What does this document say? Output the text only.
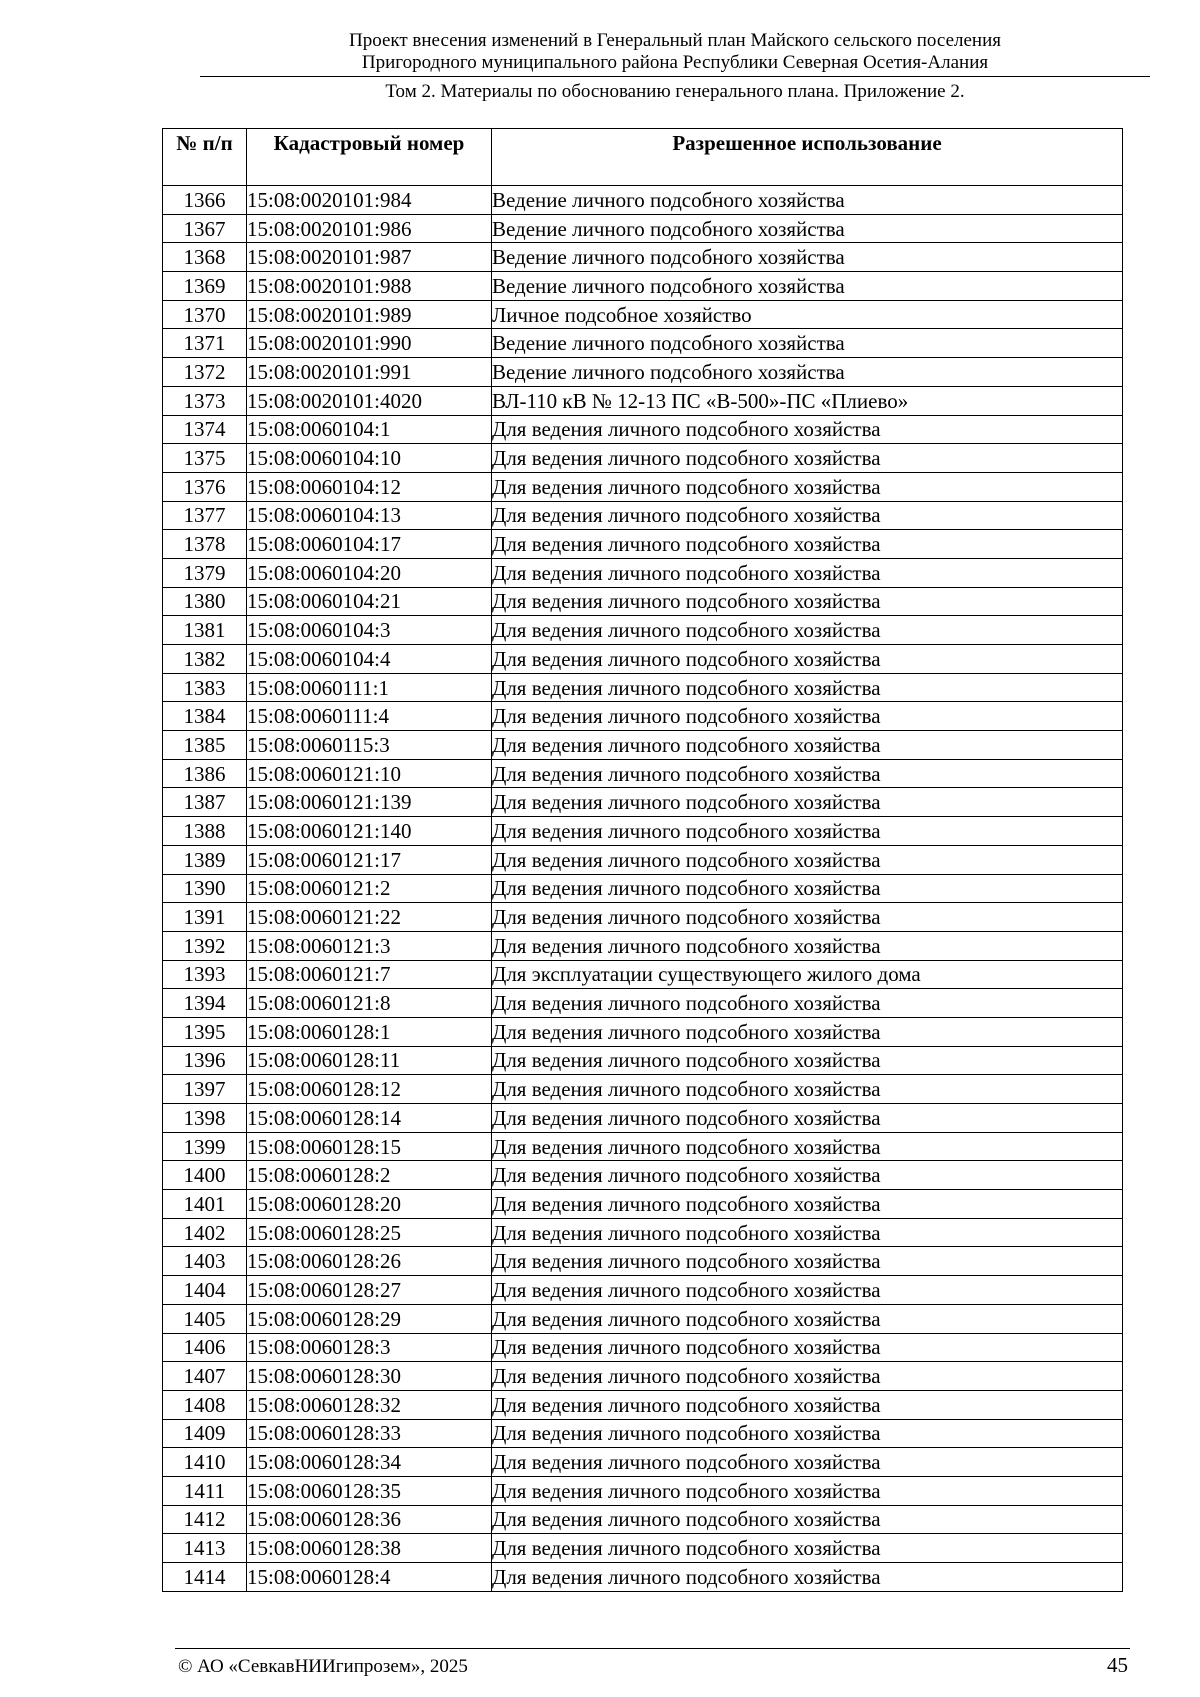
Проект внесения изменений в Генеральный план Майского сельского поселения
Пригородного муниципального района Республики Северная Осетия-Алания
Том 2. Материалы по обоснованию генерального плана. Приложение 2.
№ п/п	Кадастровый номер	Разрешенное использование
1366	15:08:0020101:984	Ведение личного подсобного хозяйства
1367	15:08:0020101:986	Ведение личного подсобного хозяйства
1368	15:08:0020101:987	Ведение личного подсобного хозяйства
1369	15:08:0020101:988	Ведение личного подсобного хозяйства
1370	15:08:0020101:989	Личное подсобное хозяйство
1371	15:08:0020101:990	Ведение личного подсобного хозяйства
1372	15:08:0020101:991	Ведение личного подсобного хозяйства
1373	15:08:0020101:4020	ВЛ-110 кВ № 12-13 ПС «В-500»-ПС «Плиево»
1374	15:08:0060104:1	Для ведения личного подсобного хозяйства
1375	15:08:0060104:10	Для ведения личного подсобного хозяйства
1376	15:08:0060104:12	Для ведения личного подсобного хозяйства
1377	15:08:0060104:13	Для ведения личного подсобного хозяйства
1378	15:08:0060104:17	Для ведения личного подсобного хозяйства
1379	15:08:0060104:20	Для ведения личного подсобного хозяйства
1380	15:08:0060104:21	Для ведения личного подсобного хозяйства
1381	15:08:0060104:3	Для ведения личного подсобного хозяйства
1382	15:08:0060104:4	Для ведения личного подсобного хозяйства
1383	15:08:0060111:1	Для ведения личного подсобного хозяйства
1384	15:08:0060111:4	Для ведения личного подсобного хозяйства
1385	15:08:0060115:3	Для ведения личного подсобного хозяйства
1386	15:08:0060121:10	Для ведения личного подсобного хозяйства
1387	15:08:0060121:139	Для ведения личного подсобного хозяйства
1388	15:08:0060121:140	Для ведения личного подсобного хозяйства
1389	15:08:0060121:17	Для ведения личного подсобного хозяйства
1390	15:08:0060121:2	Для ведения личного подсобного хозяйства
1391	15:08:0060121:22	Для ведения личного подсобного хозяйства
1392	15:08:0060121:3	Для ведения личного подсобного хозяйства
1393	15:08:0060121:7	Для эксплуатации существующего жилого дома
1394	15:08:0060121:8	Для ведения личного подсобного хозяйства
1395	15:08:0060128:1	Для ведения личного подсобного хозяйства
1396	15:08:0060128:11	Для ведения личного подсобного хозяйства
1397	15:08:0060128:12	Для ведения личного подсобного хозяйства
1398	15:08:0060128:14	Для ведения личного подсобного хозяйства
1399	15:08:0060128:15	Для ведения личного подсобного хозяйства
1400	15:08:0060128:2	Для ведения личного подсобного хозяйства
1401	15:08:0060128:20	Для ведения личного подсобного хозяйства
1402	15:08:0060128:25	Для ведения личного подсобного хозяйства
1403	15:08:0060128:26	Для ведения личного подсобного хозяйства
1404	15:08:0060128:27	Для ведения личного подсобного хозяйства
1405	15:08:0060128:29	Для ведения личного подсобного хозяйства
1406	15:08:0060128:3	Для ведения личного подсобного хозяйства
1407	15:08:0060128:30	Для ведения личного подсобного хозяйства
1408	15:08:0060128:32	Для ведения личного подсобного хозяйства
1409	15:08:0060128:33	Для ведения личного подсобного хозяйства
1410	15:08:0060128:34	Для ведения личного подсобного хозяйства
1411	15:08:0060128:35	Для ведения личного подсобного хозяйства
1412	15:08:0060128:36	Для ведения личного подсобного хозяйства
1413	15:08:0060128:38	Для ведения личного подсобного хозяйства
1414	15:08:0060128:4	Для ведения личного подсобного хозяйства
© АО «СевкавНИИгипрозем», 2025	45
